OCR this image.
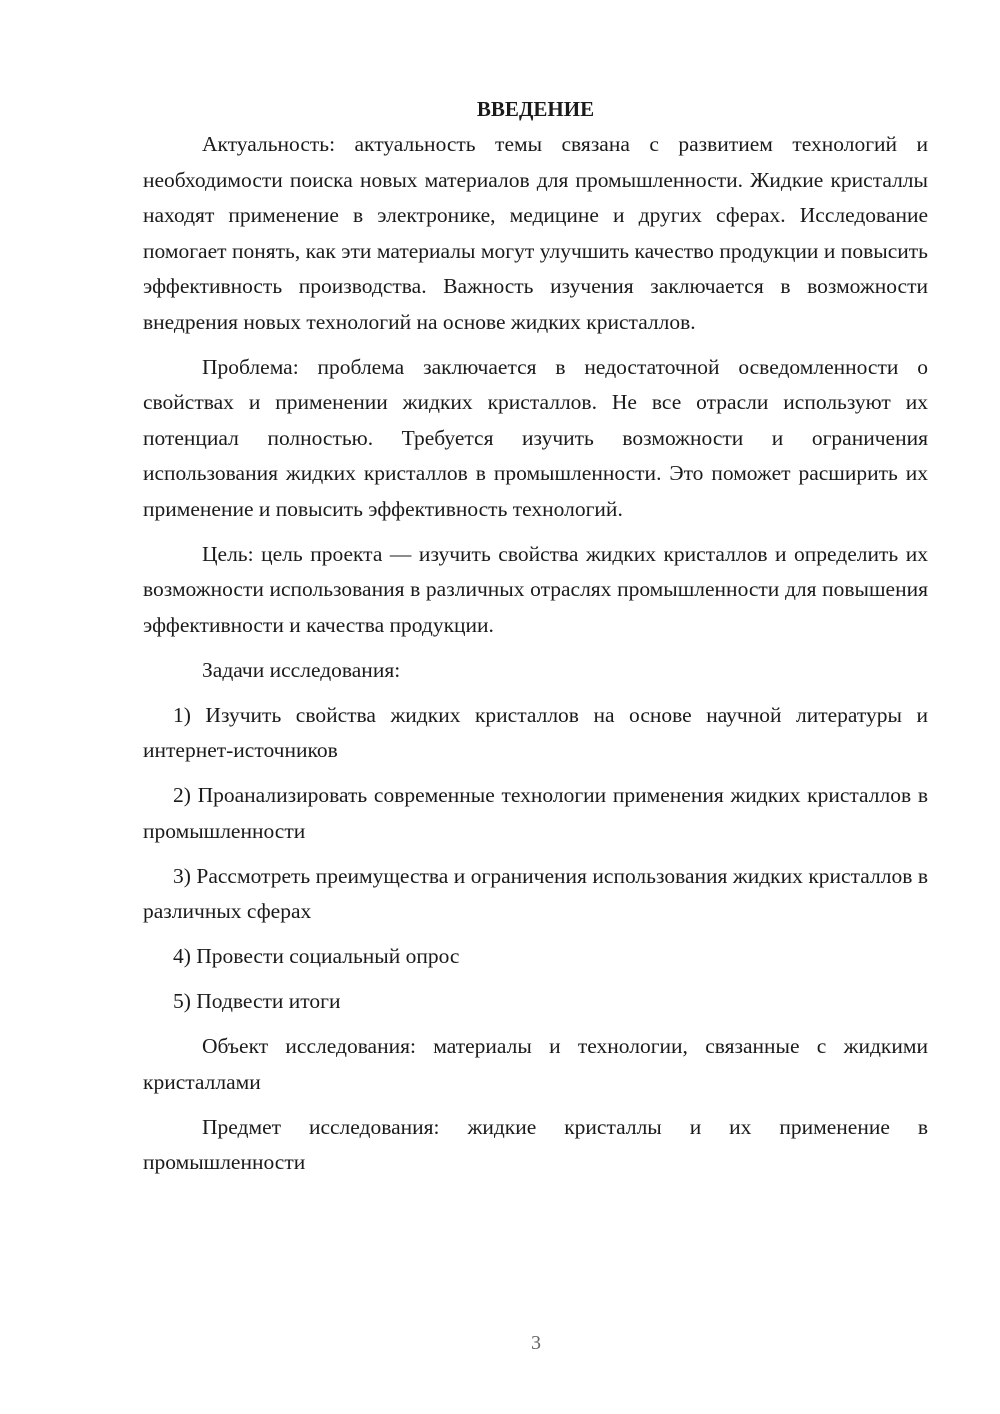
ВВЕДЕНИЕ

Актуальность: актуальность темы связана с развитием технологий и необходимости поиска новых материалов для промышленности. Жидкие кристаллы находят применение в электронике, медицине и других сферах. Исследование помогает понять, как эти материалы могут улучшить качество продукции и повысить эффективность производства. Важность изучения заключается в возможности внедрения новых технологий на основе жидких кристаллов.

Проблема: проблема заключается в недостаточной осведомленности о свойствах и применении жидких кристаллов. Не все отрасли используют их потенциал полностью. Требуется изучить возможности и ограничения использования жидких кристаллов в промышленности. Это поможет расширить их применение и повысить эффективность технологий.

Цель: цель проекта — изучить свойства жидких кристаллов и определить их возможности использования в различных отраслях промышленности для повышения эффективности и качества продукции.

Задачи исследования:

1) Изучить свойства жидких кристаллов на основе научной литературы и интернет-источников

2) Проанализировать современные технологии применения жидких кристаллов в промышленности

3) Рассмотреть преимущества и ограничения использования жидких кристаллов в различных сферах

4) Провести социальный опрос

5) Подвести итоги

Объект исследования: материалы и технологии, связанные с жидкими кристаллами

Предмет исследования: жидкие кристаллы и их применение в промышленности

3
